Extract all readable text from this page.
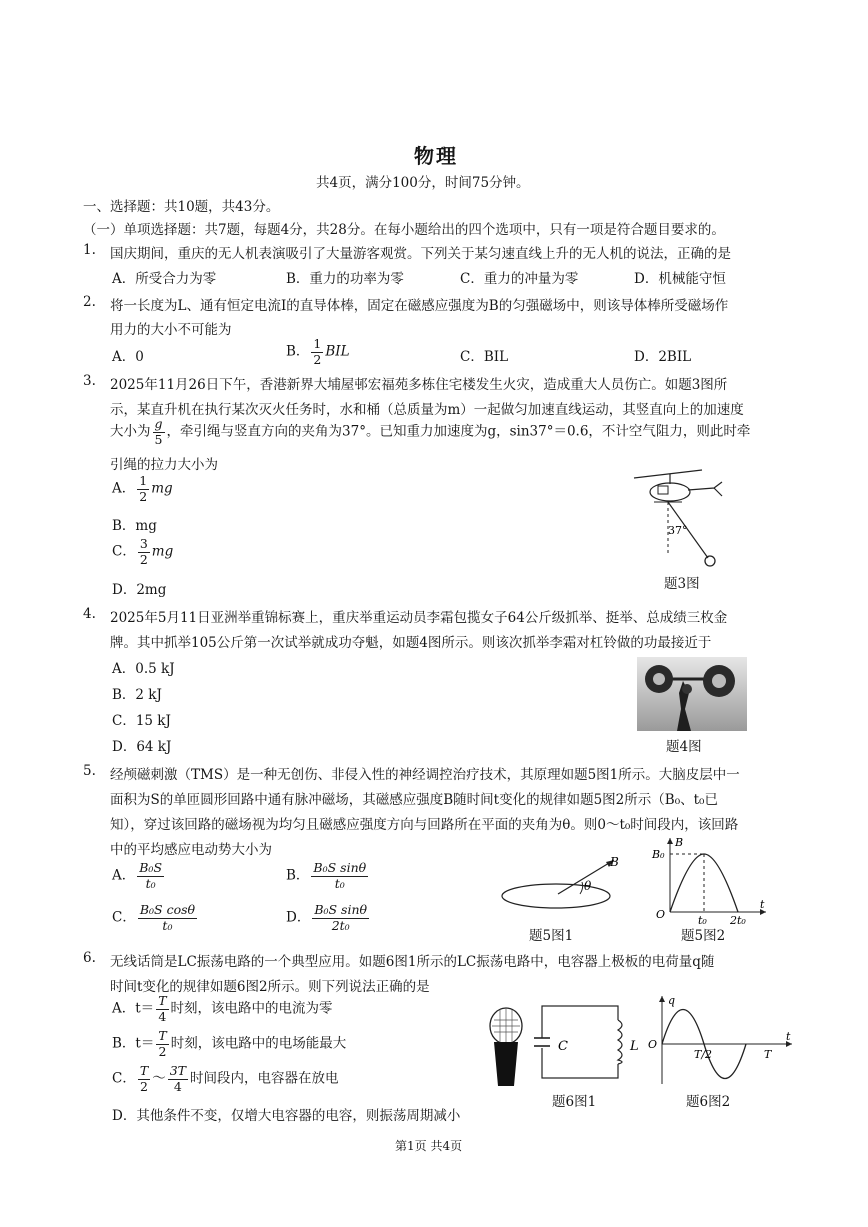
物理
共4页，满分100分，时间75分钟。
一、选择题：共10题，共43分。
（一）单项选择题：共7题，每题4分，共28分。在每小题给出的四个选项中，只有一项是符合题目要求的。
1. 国庆期间，重庆的无人机表演吸引了大量游客观赏。下列关于某匀速直线上升的无人机的说法，正确的是
A．所受合力为零	B．重力的功率为零	C．重力的冲量为零	D．机械能守恒
2. 将一长度为L、通有恒定电流I的直导体棒，固定在磁感应强度为B的匀强磁场中，则该导体棒所受磁场作
用力的大小不可能为
A．0	B． $\frac{1}{2}$ BIL	C．BIL	D．2BIL
3. 2025年11月26日下午，香港新界大埔屋邨宏福苑多栋住宅楼发生火灾，造成重大人员伤亡。如题3图所
示，某直升机在执行某次灭火任务时，水和桶（总质量为m）一起做匀加速直线运动，其竖直向上的加速度
大小为 $\frac{g}{5}$ ，牵引绳与竖直方向的夹角为37°。已知重力加速度为g，sin37°＝0.6，不计空气阻力，则此时牵
引绳的拉力大小为
A． $\frac{1}{2}$ mg
B．mg
C． $\frac{3}{2}$ mg
D．2mg
37°
题3图
4. 2025年5月11日亚洲举重锦标赛上，重庆举重运动员李霜包揽女子64公斤级抓举、挺举、总成绩三枚金
牌。其中抓举105公斤第一次试举就成功夺魁，如题4图所示。则该次抓举李霜对杠铃做的功最接近于
A．0.5 kJ
B．2 kJ
C．15 kJ
D．64 kJ	题4图
5. 经颅磁刺激（TMS）是一种无创伤、非侵入性的神经调控治疗技术，其原理如题5图1所示。大脑皮层中一
面积为S的单匝圆形回路中通有脉冲磁场，其磁感应强度B随时间t变化的规律如题5图2所示（B₀、t₀已
知），穿过该回路的磁场视为均匀且磁感应强度方向与回路所在平面的夹角为θ。则0～t₀时间段内，该回路
中的平均感应电动势大小为
A． $\frac{\text{B₀S}}{\text{t₀}}$	B． $\frac{\text{B₀S sinθ}}{\text{t₀}}$
C． $\frac{\text{B₀S cosθ}}{\text{t₀}}$	D． $\frac{\text{B₀S sinθ}}{\text{2t₀}}$
B
θ
题5图1
B₀
B
O	t₀ 2t₀
t
题5图2
6. 无线话筒是LC振荡电路的一个典型应用。如题6图1所示的LC振荡电路中，电容器上极板的电荷量q随
时间t变化的规律如题6图2所示。则下列说法正确的是
A．$t= \frac{T}{4}$ 时刻，该电路中的电流为零
B．$t= \frac{T}{2}$ 时刻，该电路中的电场能最大
C． $\frac{T}{2}$ ～ $\frac{3T}{4}$ 时间段内，电容器在放电
D．其他条件不变，仅增大电容器的电容，则振荡周期减小
C	L
题6图1
q
O
T/2	T
t
题6图2
第1页 共4页
